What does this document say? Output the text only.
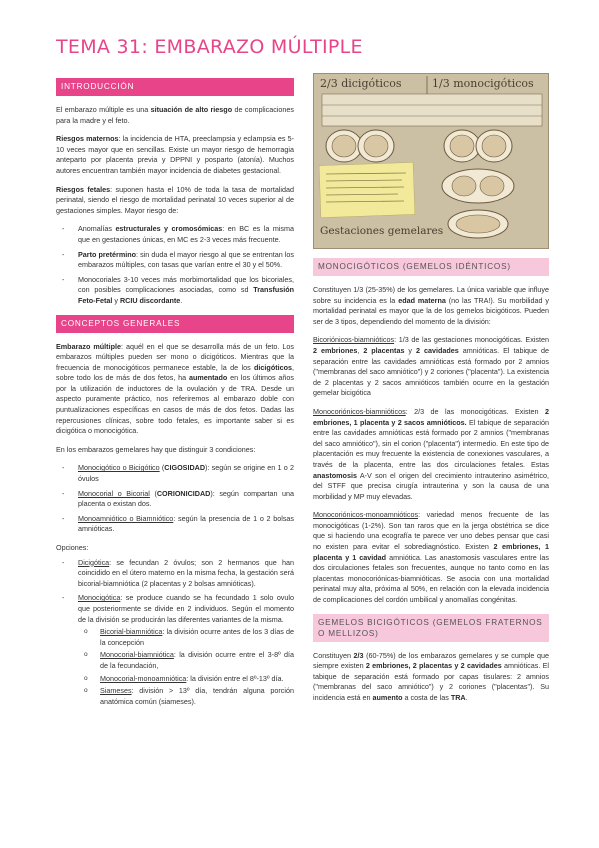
TEMA 31: EMBARAZO MÚLTIPLE
INTRODUCCIÓN

El embarazo múltiple es una situación de alto riesgo de complicaciones para la madre y el feto.

Riesgos maternos: la incidencia de HTA, preeclampsia y eclampsia es 5-10 veces mayor que en sencillas. Existe un mayor riesgo de hemorragia anteparto por placenta previa y DPPNI y posparto (atonía). Muchos autores encuentran también mayor incidencia de diabetes gestacional.

Riesgos fetales: suponen hasta el 10% de toda la tasa de mortalidad perinatal, siendo el riesgo de mortalidad perinatal 10 veces superior al de gestaciones simples. Mayor riesgo de:

- Anomalías estructurales y cromosómicas: en BC es la misma que en gestaciones únicas, en MC es 2-3 veces más frecuente.
- Parto pretérmino: sin duda el mayor riesgo al que se entrentan los embarazos múltiples, con tasas que varían entre el 30 y el 50%.
- Monocoriales 3-10 veces más morbimortalidad que los bicoriales, con posibles complicaciones asociadas, como sd Transfusión Feto-Fetal y RCIU discordante.
CONCEPTOS GENERALES

Embarazo múltiple: aquél en el que se desarrolla más de un feto. Los embarazos múltiples pueden ser mono o dicigóticos. Mientras que la frecuencia de monocigóticos permanece estable, la de los dicigóticos, sobre todo los de más de dos fetos, ha aumentado en los últimos años por la utilización de inductores de la ovulación y de TRA. Desde un aspecto puramente práctico, nos referiremos al embarazo doble con puntualizaciones específicas en casos de más de dos fetos. Dadas las repercusiones clínicas, sobre todo fetales, es importante saber si es dicigótica o monocigótica.

En los embarazos gemelares hay que distinguir 3 condiciones:

- Monocigótico o Bicigótico (CIGOSIDAD): según se origine en 1 o 2 óvulos
- Monocorial o Bicorial (CORIONICIDAD): según compartan una placenta o existan dos.
- Monoamniótico o Biamniótico: según la presencia de 1 o 2 bolsas amnióticas.

Opciones:

- Dicigótica: se fecundan 2 óvulos; son 2 hermanos que han coincidido en el útero materno en la misma fecha, la gestación será bicorial-biamniótica (2 placentas y 2 bolsas amnióticas).
- Monocigótica: se produce cuando se ha fecundado 1 solo ovulo que posteriormente se divide en 2 individuos. Según el momento de la división se producirán las diferentes variantes de la misma.
o Bicorial-biamniótica: la división ocurre antes de los 3 días de la concepción
o Monocorial-biamniótica: la división ocurre entre el 3-8º día de la fecundación,
o Monocorial-monoamniótica: la división entre el 8º-13º día.
o Siameses: división > 13º día, tendrán alguna porción anatómica común (siameses).
2/3 dicigóticos	1/3 monocigóticos
Gestaciones gemelares
MONOCIGÓTICOS (GEMELOS IDÉNTICOS)

Constituyen 1/3 (25-35%) de los gemelares. La única variable que influye sobre su incidencia es la edad materna (no las TRA!). Su morbilidad y mortalidad perinatal es mayor que la de los gemelos bicigóticos. Pueden ser de 3 tipos, dependiendo del momento de la división:

Bicoriónicos-biamnióticos: 1/3 de las gestaciones monocigóticas. Existen 2 embriones, 2 placentas y 2 cavidades amnióticas. El tabique de separación entre las cavidades amnióticas está formado por 2 amnios ("membranas del saco amniótico") y 2 coriones ("placenta"). La existencia de 2 placentas y 2 sacos amnióticos también ocurre en la gestación gemelar bicigótica

Monocoriónicos-biamnióticos: 2/3 de las monocigóticas. Existen 2 embriones, 1 placenta y 2 sacos amnióticos. El tabique de separación entre las cavidades amnióticas está formado por 2 amnios ("membranas del saco amniótico"), sin el corion ("placenta") intermedio. En este tipo de placentación es muy frecuente la existencia de conexiones vasculares, a través de la placenta, entre las dos circulaciones fetales. Estas anastomosis A-V son el origen del crecimiento intrauterino asimétrico, del STFF que precisa cirugía intrauterina y son la causa de una morbilidad y MP muy elevadas.

Monocoriónicos-monoamnióticos: variedad menos frecuente de las monocigóticas (1-2%). Son tan raros que en la jerga obstétrica se dice que si haciendo una ecografía te parece ver uno debes pensar que casi no existen para evitar el sobrediagnóstico. Existen 2 embriones, 1 placenta y 1 cavidad amniótica. Las anastomosis vasculares entre las dos circulaciones fetales son frecuentes, aunque no tanto como en las placentas monocoriónicas-biamnióticas. Se asocia con una mortalidad perinatal muy alta, próxima al 50%, en relación con la elevada incidencia de complicaciones del cordón umbilical y anomalías congénitas.

GEMELOS BICIGÓTICOS (GEMELOS FRATERNOS O MELLIZOS)

Constituyen 2/3 (60-75%) de los embarazos gemelares y se cumple que siempre existen 2 embriones, 2 placentas y 2 cavidades amnióticas. El tabique de separación está formado por capas tisulares: 2 amnios ("membranas del saco amniótico") y 2 coriones ("placentas"). Su incidencia está en aumento a costa de las TRA.
